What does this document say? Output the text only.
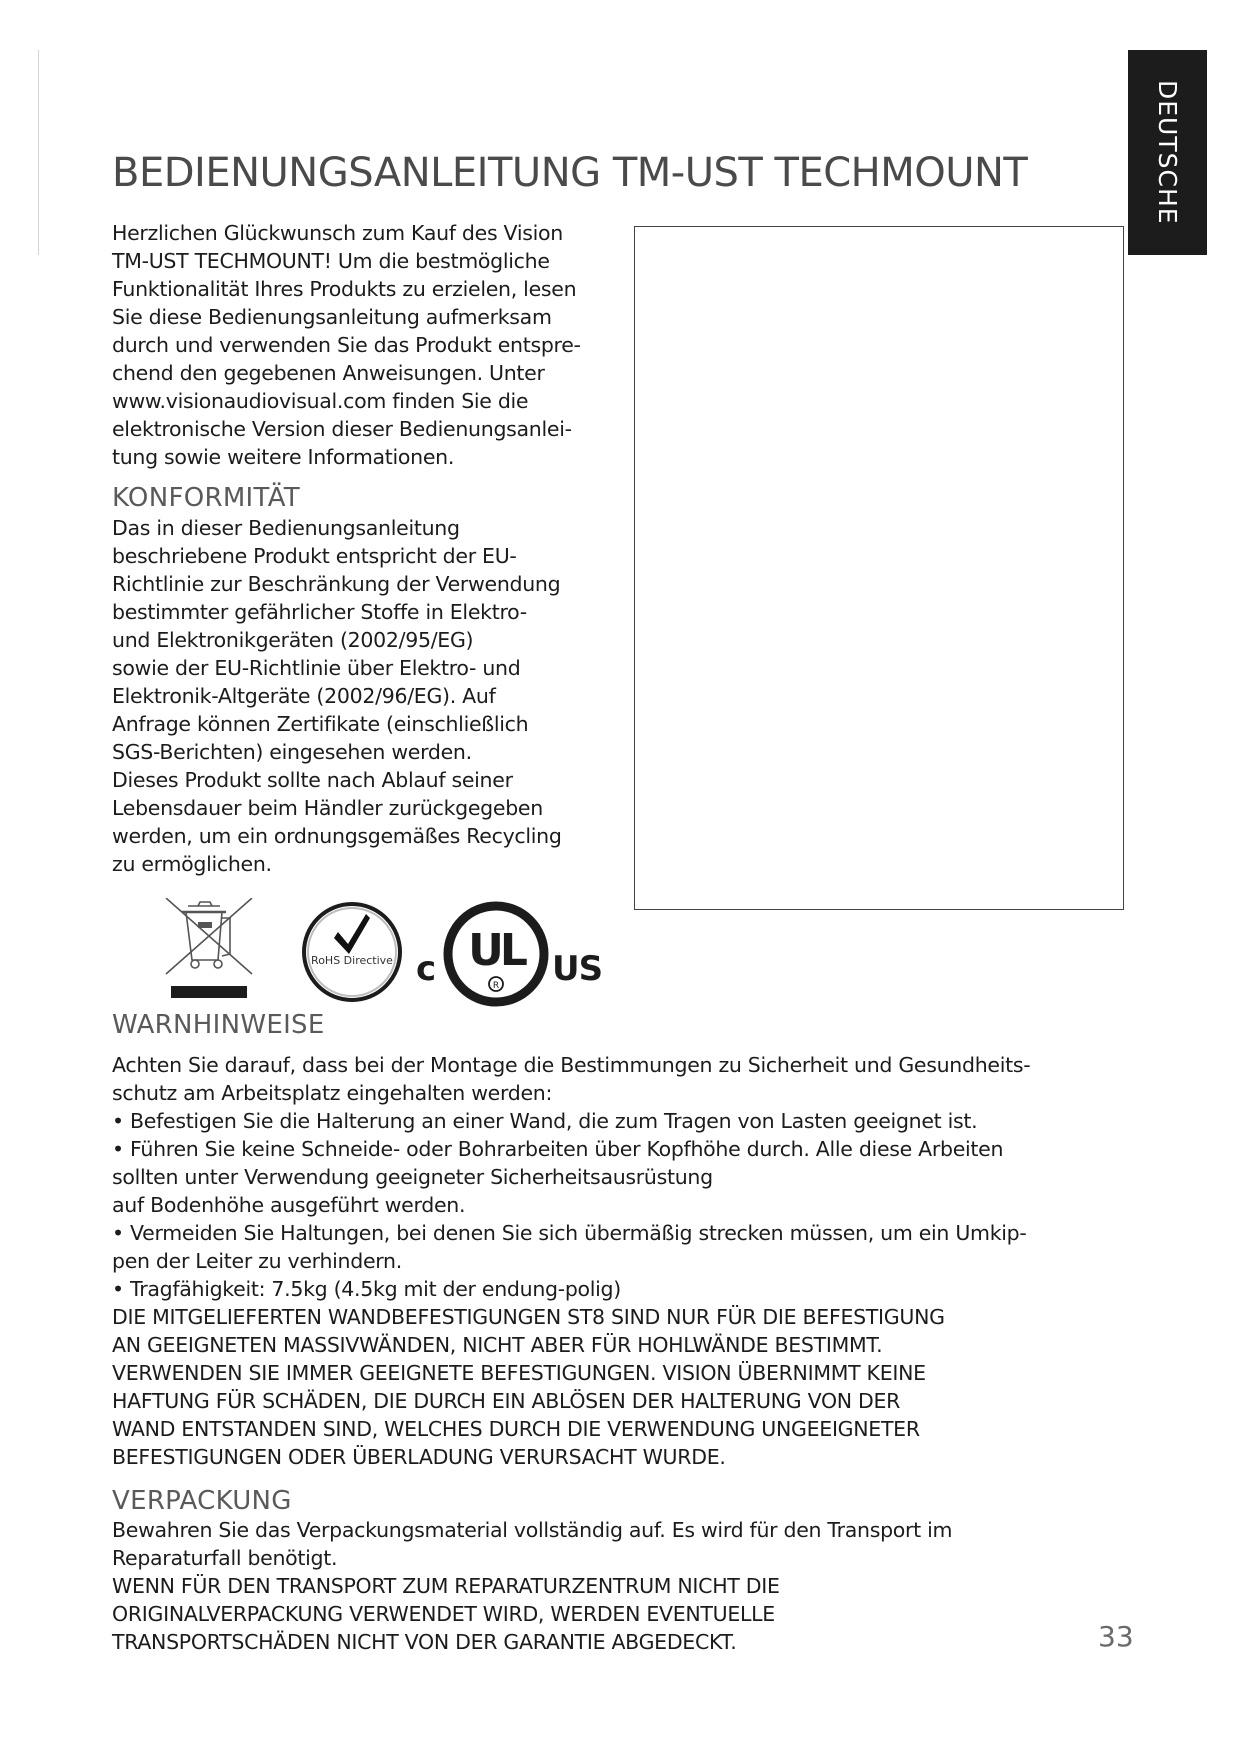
DEUTSCHE
BEDIENUNGSANLEITUNG TM-UST TECHMOUNT

Herzlichen Glückwunsch zum Kauf des Vision
TM-UST TECHMOUNT! Um die bestmögliche
Funktionalität Ihres Produkts zu erzielen, lesen
Sie diese Bedienungsanleitung aufmerksam
durch und verwenden Sie das Produkt entspre-
chend den gegebenen Anweisungen. Unter
www.visionaudiovisual.com finden Sie die
elektronische Version dieser Bedienungsanlei-
tung sowie weitere Informationen.

KONFORMITÄT

Das in dieser Bedienungsanleitung
beschriebene Produkt entspricht der EU-
Richtlinie zur Beschränkung der Verwendung
bestimmter gefährlicher Stoffe in Elektro-
und Elektronikgeräten (2002/95/EG)
sowie der EU-Richtlinie über Elektro- und
Elektronik-Altgeräte (2002/96/EG). Auf
Anfrage können Zertifikate (einschließlich
SGS-Berichten) eingesehen werden.
Dieses Produkt sollte nach Ablauf seiner
Lebensdauer beim Händler zurückgegeben
werden, um ein ordnungsgemäßes Recycling
zu ermöglichen.

RoHS Directive c UL
R US
WARNHINWEISE

Achten Sie darauf, dass bei der Montage die Bestimmungen zu Sicherheit und Gesundheits-
schutz am Arbeitsplatz eingehalten werden:
• Befestigen Sie die Halterung an einer Wand, die zum Tragen von Lasten geeignet ist.
• Führen Sie keine Schneide- oder Bohrarbeiten über Kopfhöhe durch. Alle diese Arbeiten
sollten unter Verwendung geeigneter Sicherheitsausrüstung
auf Bodenhöhe ausgeführt werden.
• Vermeiden Sie Haltungen, bei denen Sie sich übermäßig strecken müssen, um ein Umkip-
pen der Leiter zu verhindern.
• Tragfähigkeit: 7.5kg (4.5kg mit der endung-polig)
DIE MITGELIEFERTEN WANDBEFESTIGUNGEN ST8 SIND NUR FÜR DIE BEFESTIGUNG
AN GEEIGNETEN MASSIVWÄNDEN, NICHT ABER FÜR HOHLWÄNDE BESTIMMT.
VERWENDEN SIE IMMER GEEIGNETE BEFESTIGUNGEN. VISION ÜBERNIMMT KEINE
HAFTUNG FÜR SCHÄDEN, DIE DURCH EIN ABLÖSEN DER HALTERUNG VON DER
WAND ENTSTANDEN SIND, WELCHES DURCH DIE VERWENDUNG UNGEEIGNETER
BEFESTIGUNGEN ODER ÜBERLADUNG VERURSACHT WURDE.

VERPACKUNG

Bewahren Sie das Verpackungsmaterial vollständig auf. Es wird für den Transport im
Reparaturfall benötigt.
WENN FÜR DEN TRANSPORT ZUM REPARATURZENTRUM NICHT DIE
ORIGINALVERPACKUNG VERWENDET WIRD, WERDEN EVENTUELLE
TRANSPORTSCHÄDEN NICHT VON DER GARANTIE ABGEDECKT.	33
